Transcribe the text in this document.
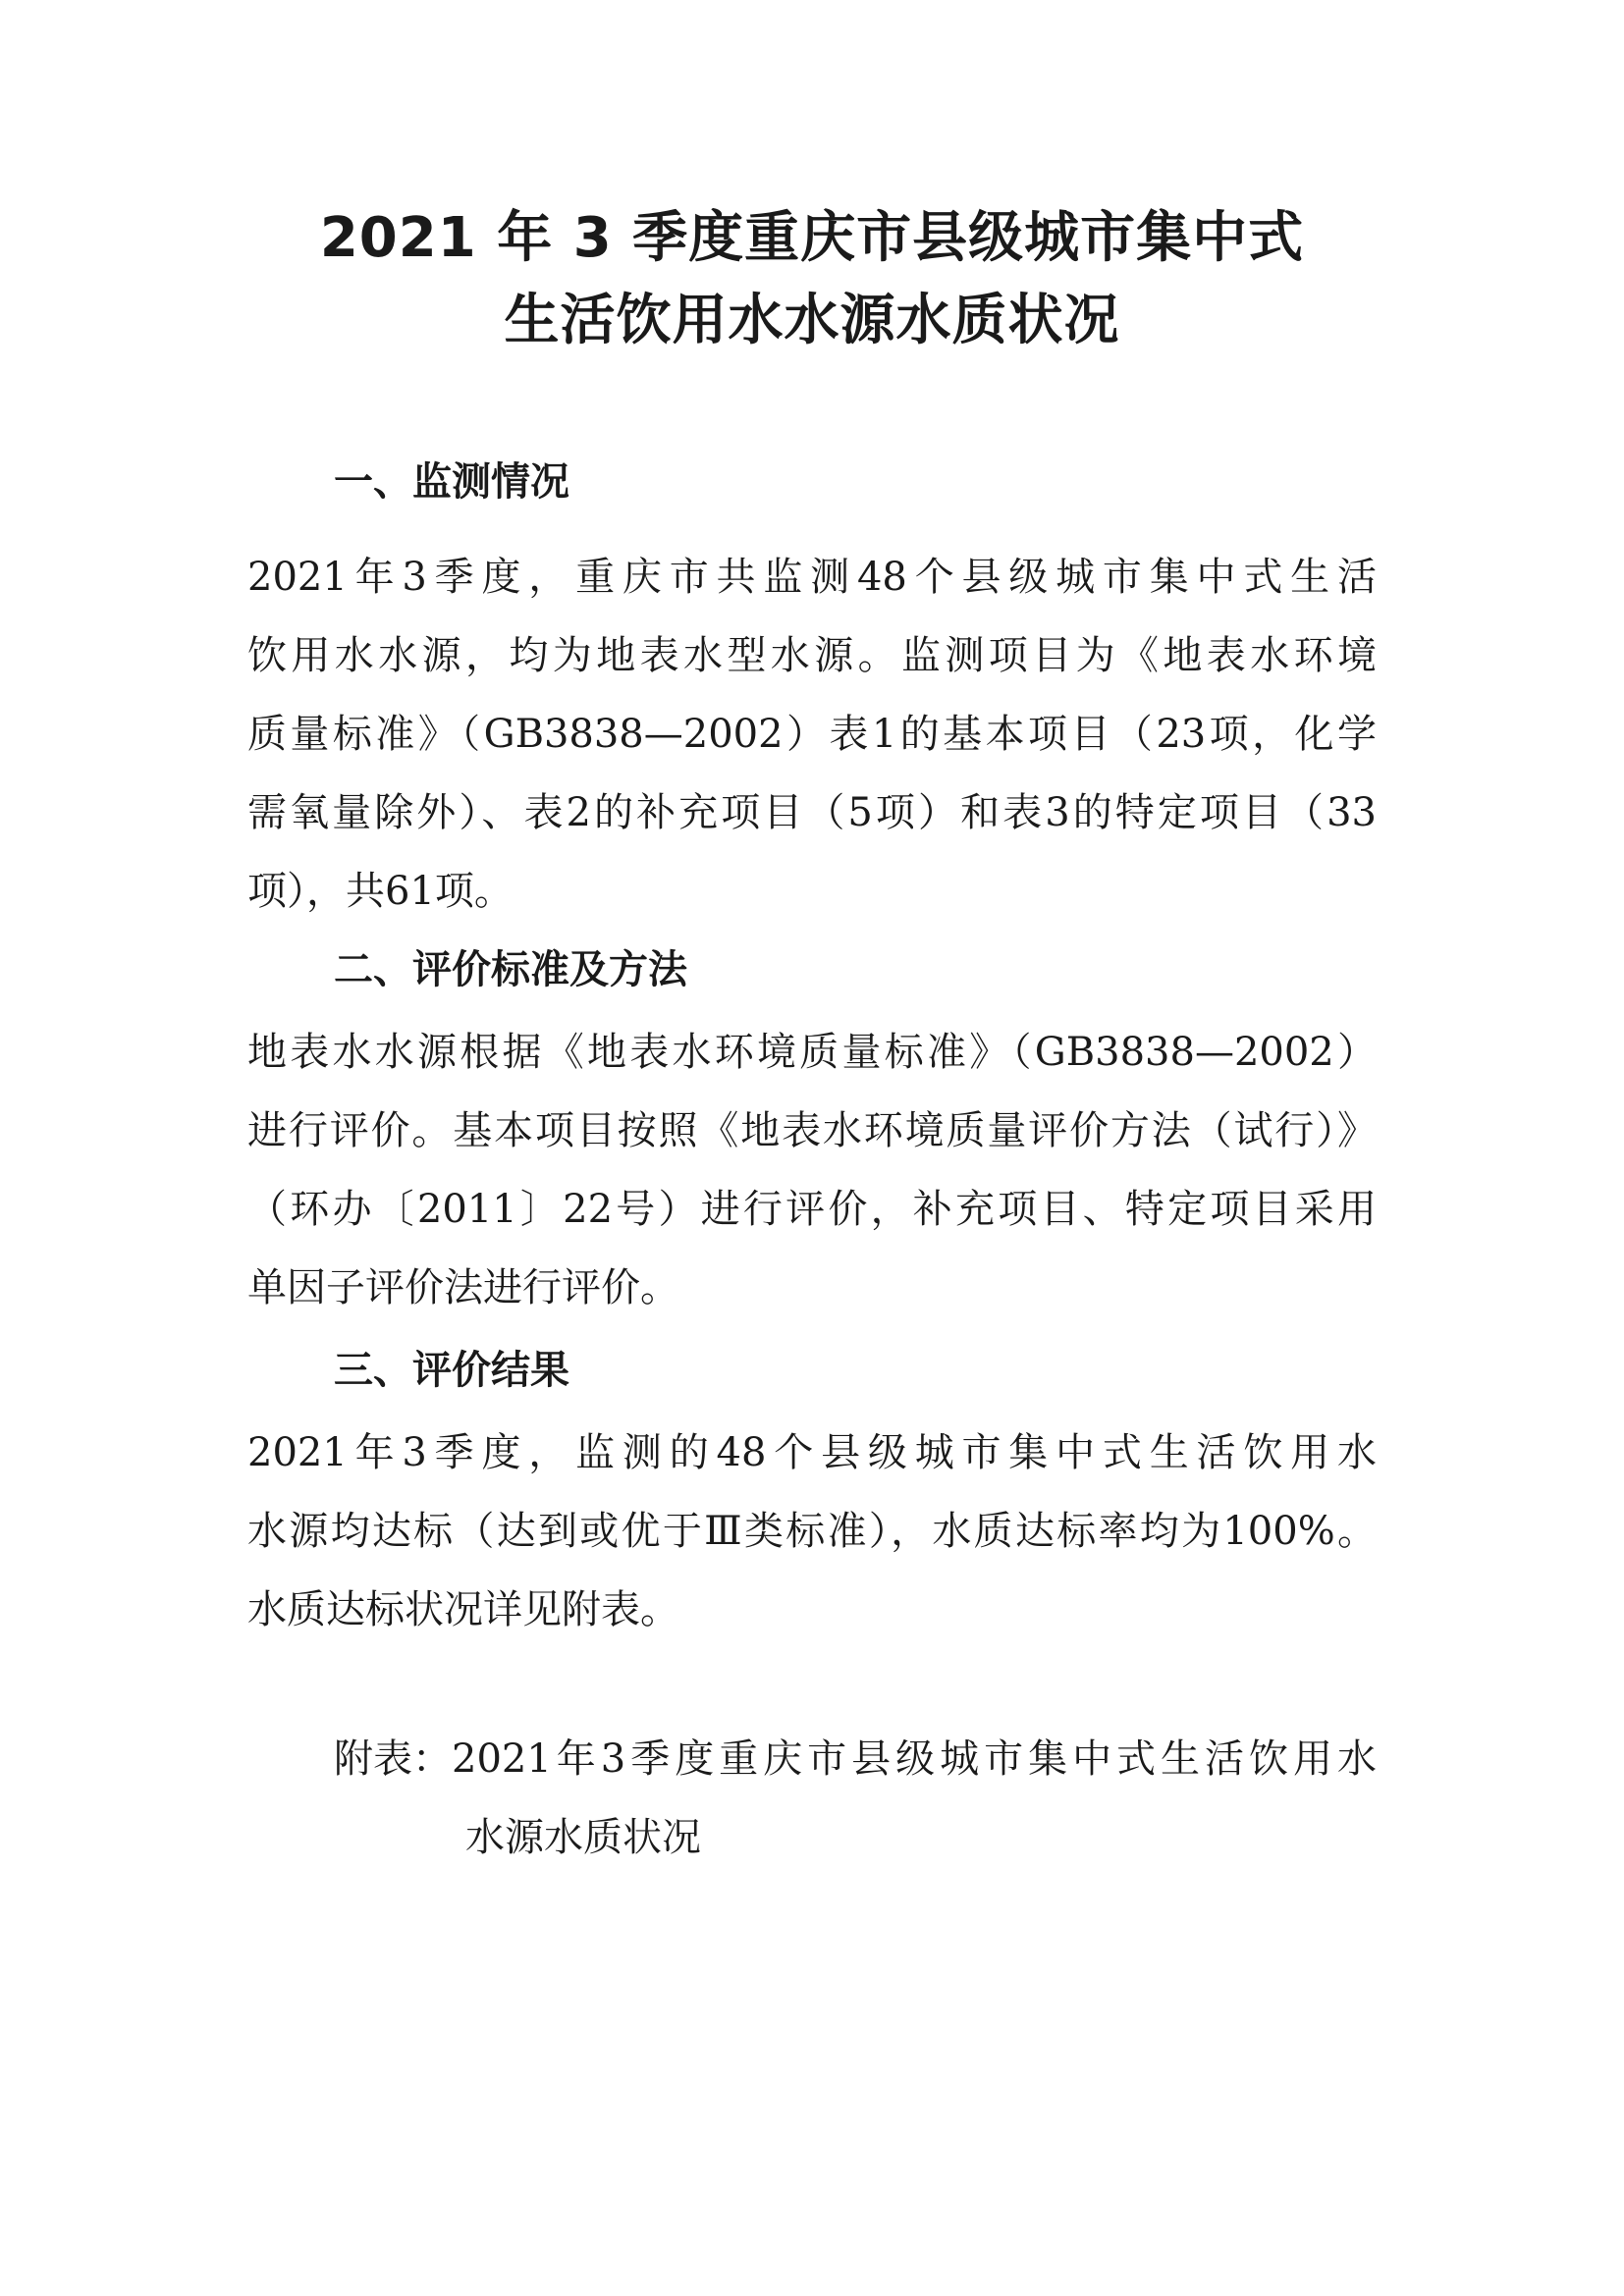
2021 年 3 季度重庆市县级城市集中式
生活饮用水水源水质状况
一、监测情况
2021年3季度，重庆市共监测48个县级城市集中式生活
饮用水水源，均为地表水型水源。监测项目为《地表水环境
质量标准》（GB3838—2002）表1的基本项目（23项，化学
需氧量除外）、表2的补充项目（5项）和表3的特定项目（33
项），共61项。
二、评价标准及方法
地表水水源根据《地表水环境质量标准》（GB3838—2002）
进行评价。基本项目按照《地表水环境质量评价方法（试行）》
（环办〔2011〕22号）进行评价，补充项目、特定项目采用
单因子评价法进行评价。
三、评价结果
2021年3季度，监测的48个县级城市集中式生活饮用水
水源均达标（达到或优于Ⅲ类标准），水质达标率均为100%。
水质达标状况详见附表。
附表： 2021年3季度重庆市县级城市集中式生活饮用水
水源水质状况
